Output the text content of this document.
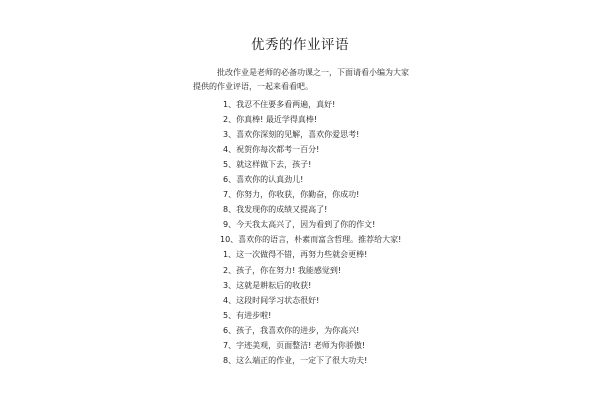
优秀的作业评语
批改作业是老师的必备功课之一，下面请看小编为大家
提供的作业评语，一起来看看吧。
1、我忍不住要多看两遍，真好!
2、你真棒! 最近学得真棒!
3、喜欢你深刻的见解，喜欢你爱思考!
4、祝贺你每次都考一百分!
5、就这样做下去，孩子!
6、喜欢你的认真劲儿!
7、你努力，你收获，你勤奋，你成功!
8、我发现你的成绩又提高了!
9、今天我太高兴了，因为看到了你的作文!
10、喜欢你的语言，朴素而富含哲理。推荐给大家!
1、这一次做得不错，再努力些就会更棒!
2、孩子，你在努力! 我能感觉到!
3、这就是耕耘后的收获!
4、这段时间学习状态很好!
5、有进步啦!
6、孩子，我喜欢你的进步，为你高兴!
7、字迹美观，页面整洁! 老师为你骄傲!
8、这么端正的作业，一定下了很大功夫!
